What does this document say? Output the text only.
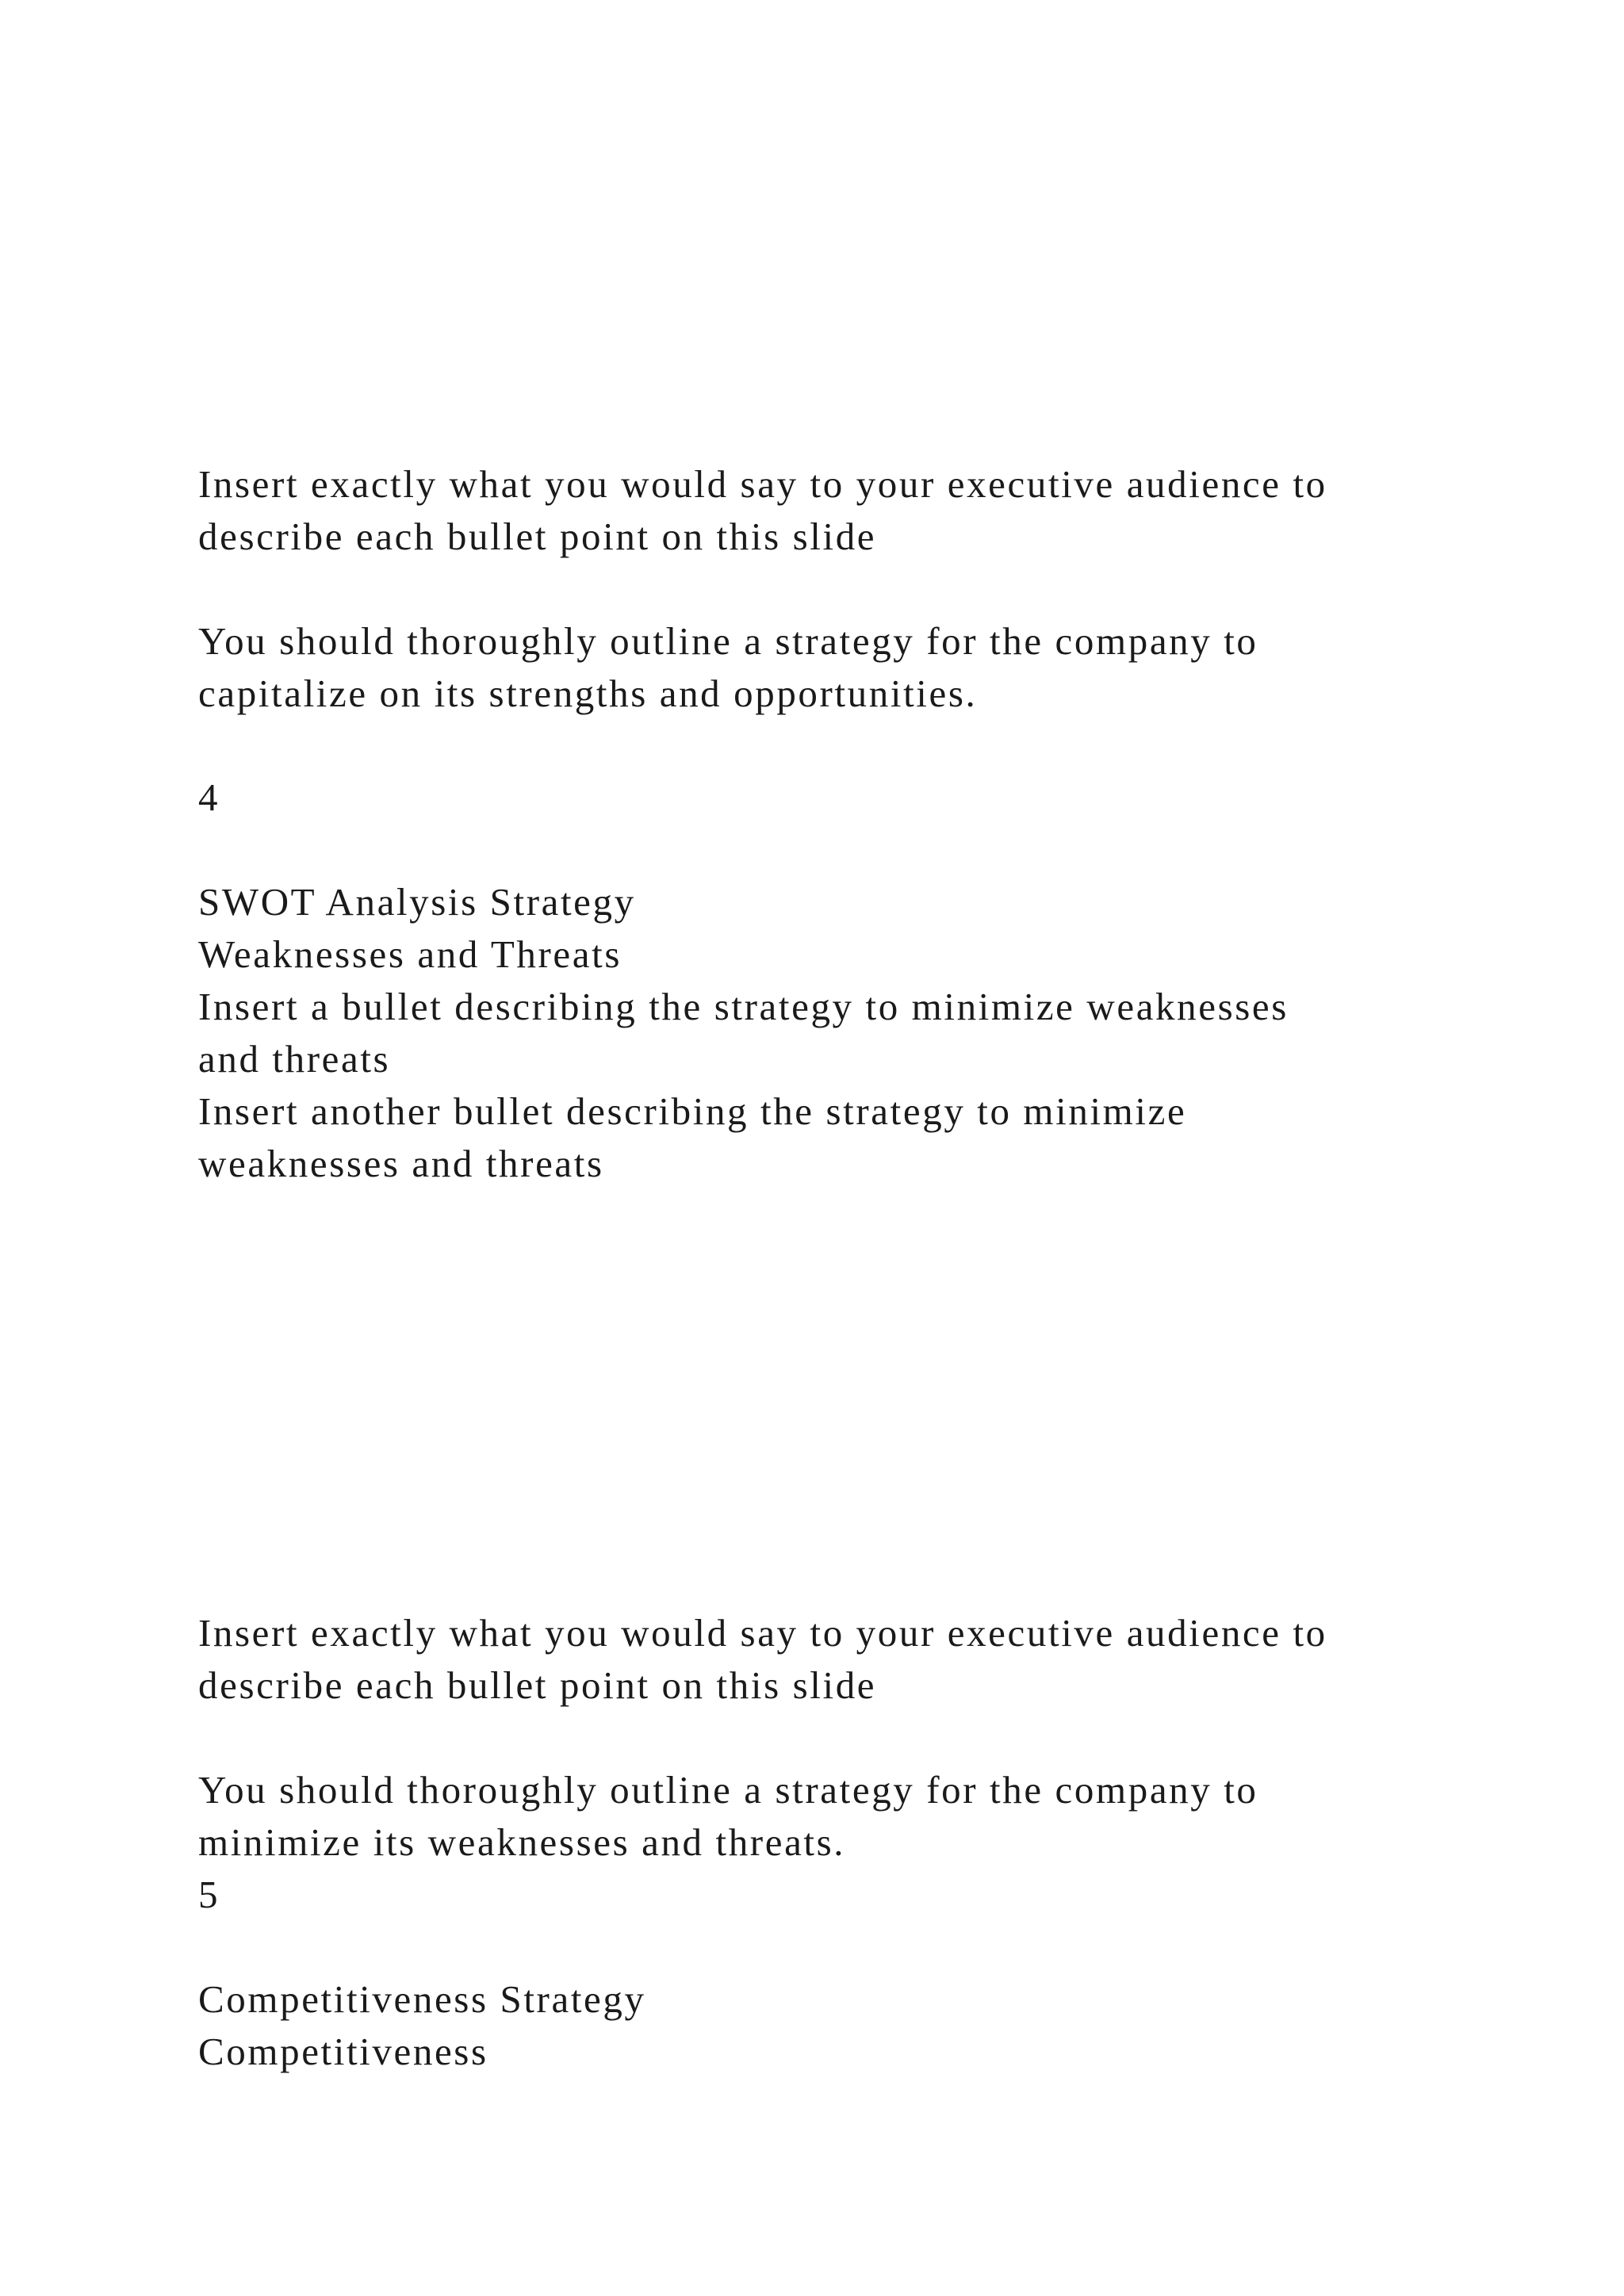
Insert exactly what you would say to your executive audience to

describe each bullet point on this slide

You should thoroughly outline a strategy for the company to

capitalize on its strengths and opportunities.

4

SWOT Analysis Strategy

Weaknesses and Threats

Insert a bullet describing the strategy to minimize weaknesses

and threats

Insert another bullet describing the strategy to minimize

weaknesses and threats

Insert exactly what you would say to your executive audience to

describe each bullet point on this slide

You should thoroughly outline a strategy for the company to

minimize its weaknesses and threats.

5

Competitiveness Strategy

Competitiveness
